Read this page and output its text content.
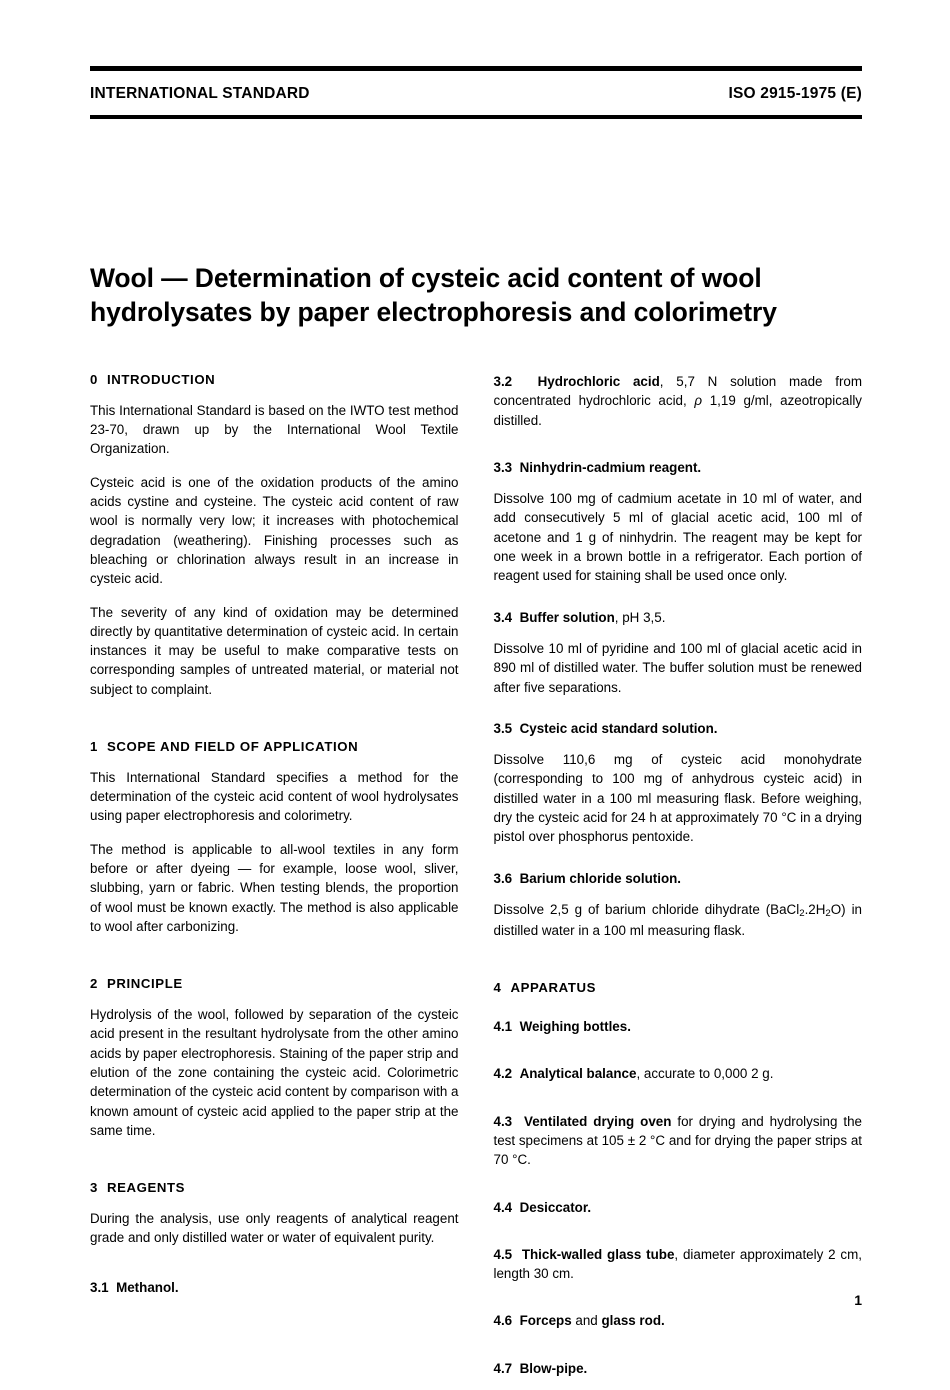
INTERNATIONAL STANDARD	ISO 2915-1975 (E)
Wool — Determination of cysteic acid content of wool hydrolysates by paper electrophoresis and colorimetry
0  INTRODUCTION

This International Standard is based on the IWTO test method 23-70, drawn up by the International Wool Textile Organization.

Cysteic acid is one of the oxidation products of the amino acids cystine and cysteine. The cysteic acid content of raw wool is normally very low; it increases with photochemical degradation (weathering). Finishing processes such as bleaching or chlorination always result in an increase in cysteic acid.

The severity of any kind of oxidation may be determined directly by quantitative determination of cysteic acid. In certain instances it may be useful to make comparative tests on corresponding samples of untreated material, or material not subject to complaint.

1  SCOPE AND FIELD OF APPLICATION

This International Standard specifies a method for the determination of the cysteic acid content of wool hydrolysates using paper electrophoresis and colorimetry.

The method is applicable to all-wool textiles in any form before or after dyeing — for example, loose wool, sliver, slubbing, yarn or fabric. When testing blends, the proportion of wool must be known exactly. The method is also applicable to wool after carbonizing.

2  PRINCIPLE

Hydrolysis of the wool, followed by separation of the cysteic acid present in the resultant hydrolysate from the other amino acids by paper electrophoresis. Staining of the paper strip and elution of the zone containing the cysteic acid. Colorimetric determination of the cysteic acid content by comparison with a known amount of cysteic acid applied to the paper strip at the same time.

3  REAGENTS

During the analysis, use only reagents of analytical reagent grade and only distilled water or water of equivalent purity.

3.1 Methanol.

3.2 Hydrochloric acid, 5,7 N solution made from concentrated hydrochloric acid, ρ 1,19 g/ml, azeotropically distilled.

3.3 Ninhydrin-cadmium reagent.

Dissolve 100 mg of cadmium acetate in 10 ml of water, and add consecutively 5 ml of glacial acetic acid, 100 ml of acetone and 1 g of ninhydrin. The reagent may be kept for one week in a brown bottle in a refrigerator. Each portion of reagent used for staining shall be used once only.

3.4 Buffer solution, pH 3,5.

Dissolve 10 ml of pyridine and 100 ml of glacial acetic acid in 890 ml of distilled water. The buffer solution must be renewed after five separations.

3.5 Cysteic acid standard solution.

Dissolve 110,6 mg of cysteic acid monohydrate (corresponding to 100 mg of anhydrous cysteic acid) in distilled water in a 100 ml measuring flask. Before weighing, dry the cysteic acid for 24 h at approximately 70 °C in a drying pistol over phosphorus pentoxide.

3.6 Barium chloride solution.

Dissolve 2,5 g of barium chloride dihydrate $(BaCl_2.2H_2O)$ in distilled water in a 100 ml measuring flask.

4  APPARATUS

4.1 Weighing bottles.

4.2 Analytical balance, accurate to 0,000 2 g.

4.3 Ventilated drying oven for drying and hydrolysing the test specimens at 105 ± 2 °C and for drying the paper strips at 70 °C.

4.4 Desiccator.

4.5 Thick-walled glass tube, diameter approximately 2 cm, length 30 cm.

4.6 Forceps and glass rod.

4.7 Blow-pipe.

1
